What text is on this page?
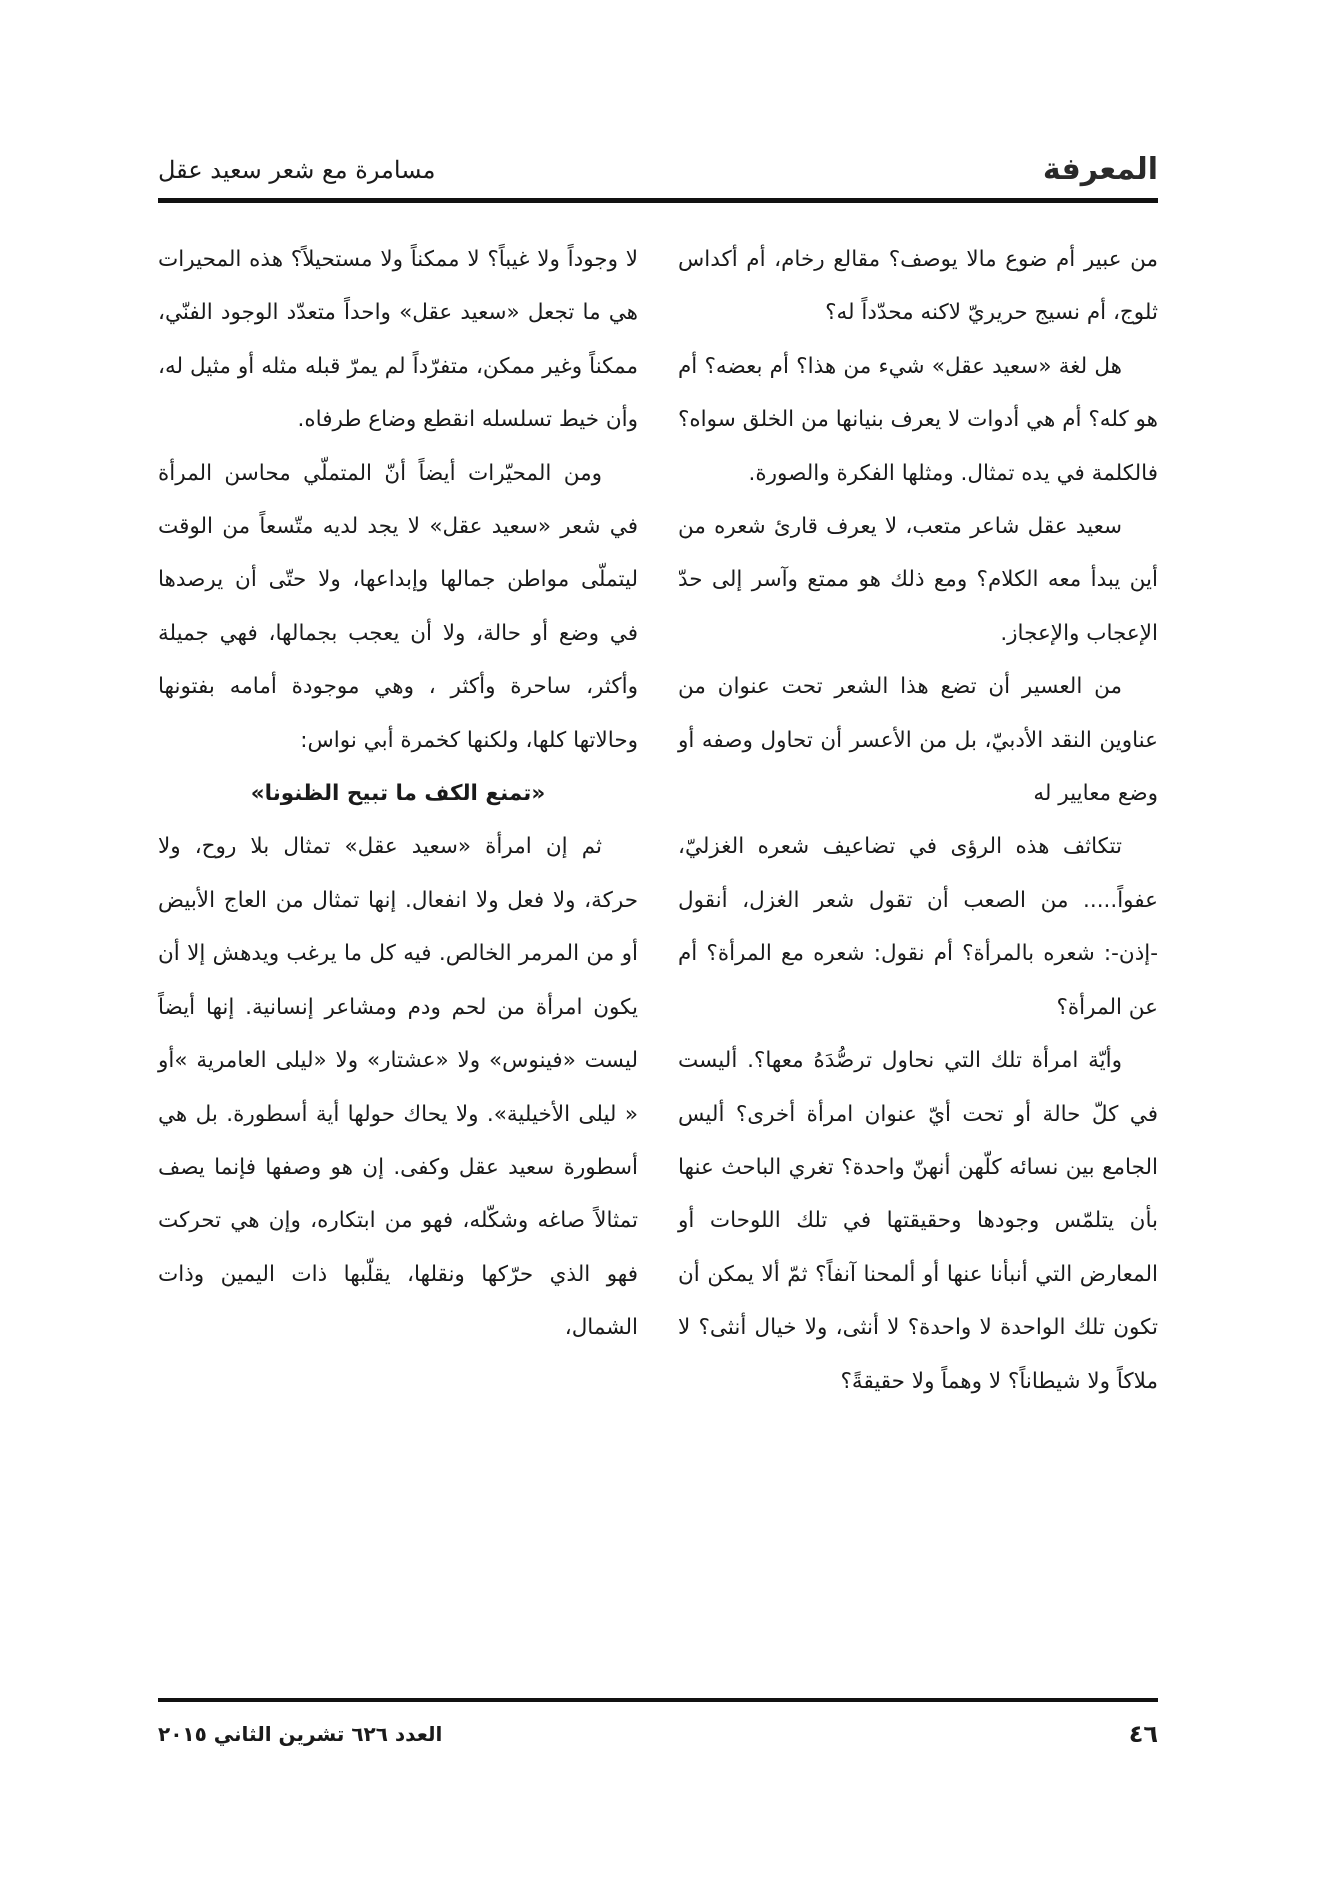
المعرفة
مسامرة مع شعر سعيد عقل

من عبير أم ضوع مالا يوصف؟ مقالع رخام، أم أكداس ثلوج، أم نسيج حريريّ لاكنه محدّداً له؟

هل لغة «سعيد عقل» شيء من هذا؟ أم بعضه؟ أم هو كله؟ أم هي أدوات لا يعرف بنيانها من الخلق سواه؟ فالكلمة في يده تمثال. ومثلها الفكرة والصورة.

سعيد عقل شاعر متعب، لا يعرف قارئ شعره من أين يبدأ معه الكلام؟ ومع ذلك هو ممتع وآسر إلى حدّ الإعجاب والإعجاز.

من العسير أن تضع هذا الشعر تحت عنوان من عناوين النقد الأدبيّ، بل من الأعسر أن تحاول وصفه أو وضع معايير له

تتكاثف هذه الرؤى في تضاعيف شعره الغزليّ، عفواً..... من الصعب أن تقول شعر الغزل، أنقول -إذن-: شعره بالمرأة؟ أم نقول: شعره مع المرأة؟ أم عن المرأة؟

وأيّة امرأة تلك التي نحاول ترصُّدَهُ معها؟. أليست في كلّ حالة أو تحت أيّ عنوان امرأة أخرى؟ أليس الجامع بين نسائه كلّهن أنهنّ واحدة؟ تغري الباحث عنها بأن يتلمّس وجودها وحقيقتها في تلك اللوحات أو المعارض التي أنبأنا عنها أو ألمحنا آنفاً؟ ثمّ ألا يمكن أن تكون تلك الواحدة لا واحدة؟ لا أنثى، ولا خيال أنثى؟ لا ملاكاً ولا شيطاناً؟ لا وهماً ولا حقيقةً؟

لا وجوداً ولا غيباً؟ لا ممكناً ولا مستحيلاً؟ هذه المحيرات هي ما تجعل «سعيد عقل» واحداً متعدّد الوجود الفنّي، ممكناً وغير ممكن، متفرّداً لم يمرّ قبله مثله أو مثيل له، وأن خيط تسلسله انقطع وضاع طرفاه.

ومن المحيّرات أيضاً أنّ المتملّي محاسن المرأة في شعر «سعيد عقل» لا يجد لديه متّسعاً من الوقت ليتملّى مواطن جمالها وإبداعها، ولا حتّى أن يرصدها في وضع أو حالة، ولا أن يعجب بجمالها، فهي جميلة وأكثر، ساحرة وأكثر ، وهي موجودة أمامه بفتونها وحالاتها كلها، ولكنها كخمرة أبي نواس:

«تمنع الكف ما تبيح الظنونا»

ثم إن امرأة «سعيد عقل» تمثال بلا روح، ولا حركة، ولا فعل ولا انفعال. إنها تمثال من العاج الأبيض أو من المرمر الخالص. فيه كل ما يرغب ويدهش إلا أن يكون امرأة من لحم ودم ومشاعر إنسانية. إنها أيضاً ليست «فينوس» ولا «عشتار» ولا «ليلى العامرية »أو « ليلى الأخيلية». ولا يحاك حولها أية أسطورة. بل هي أسطورة سعيد عقل وكفى. إن هو وصفها فإنما يصف تمثالاً صاغه وشكّله، فهو من ابتكاره، وإن هي تحركت فهو الذي حرّكها ونقلها، يقلّبها ذات اليمين وذات الشمال،

٤٦
العدد ٦٢٦ تشرين الثاني ٢٠١٥
